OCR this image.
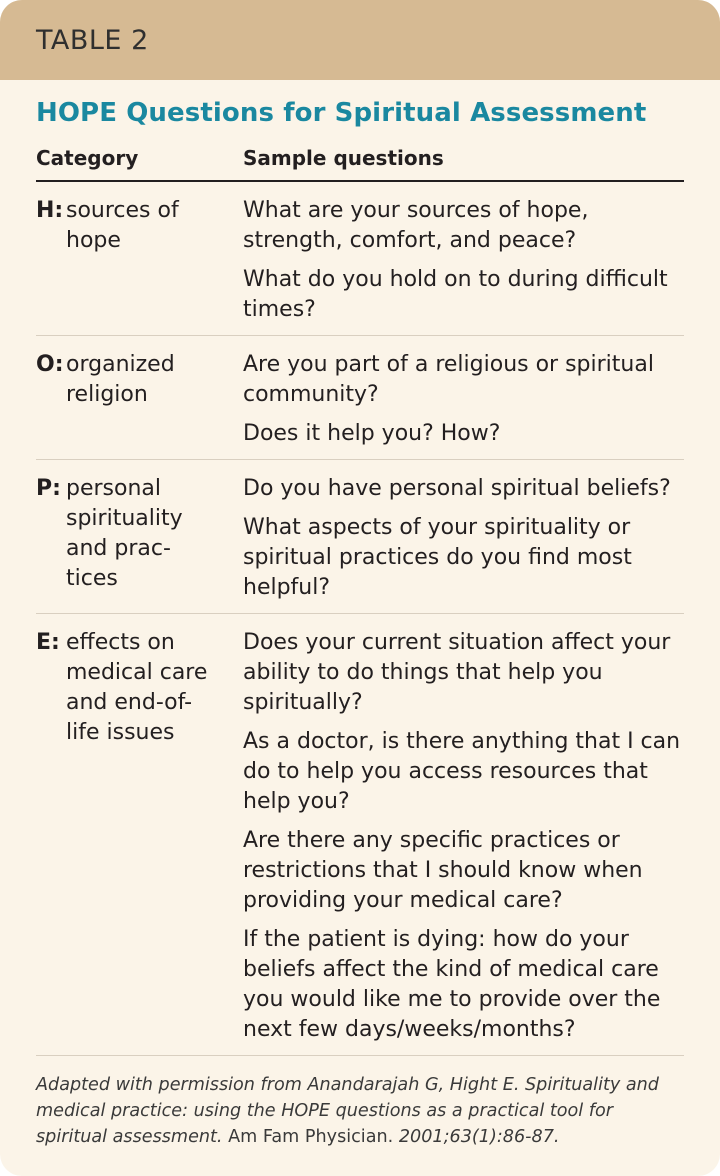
TABLE 2
HOPE Questions for Spiritual Assessment
Category	Sample questions
H: sources of
hope
What are your sources of hope, strength, comfort, and peace?
What do you hold on to during difficult times?
O: organized
religion
Are you part of a religious or spiritual community?
Does it help you? How?
P: personal
spirituality
and prac-
tices
Do you have personal spiritual beliefs?
What aspects of your spirituality or spiritual practices do you find most helpful?
E: effects on
medical care
and end-of-
life issues
Does your current situation affect your ability to do things that help you spiritually?
As a doctor, is there anything that I can do to help you access resources that help you?
Are there any specific practices or restrictions that I should know when providing your medical care?
If the patient is dying: how do your beliefs affect the kind of medical care you would like me to provide over the next few days/weeks/months?
Adapted with permission from Anandarajah G, Hight E. Spirituality and medical practice: using the HOPE questions as a practical tool for spiritual assessment. Am Fam Physician. 2001;63(1):86-87.
